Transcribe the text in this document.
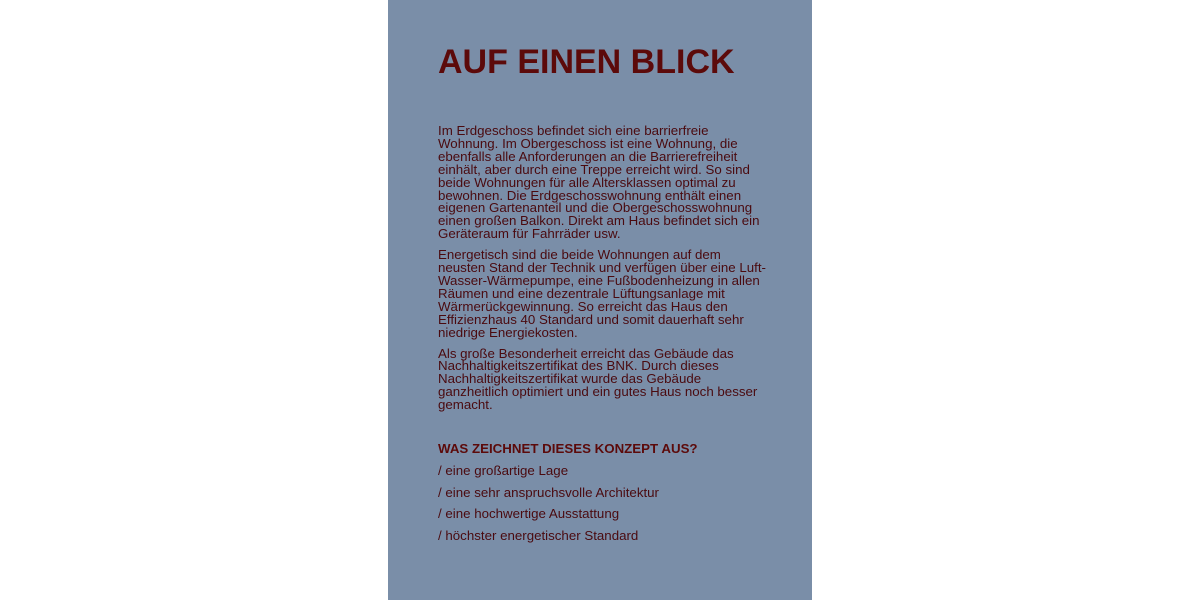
AUF EINEN BLICK

Im Erdgeschoss befindet sich eine barrierfreie Wohnung. Im Obergeschoss ist eine Wohnung, die ebenfalls alle Anforderungen an die Barrierefreiheit einhält, aber durch eine Treppe erreicht wird. So sind beide Wohnungen für alle Altersklassen optimal zu bewohnen. Die Erdgeschosswohnung enthält einen eigenen Gartenanteil und die Obergeschosswohnung einen großen Balkon. Direkt am Haus befindet sich ein Geräteraum für Fahrräder usw.

Energetisch sind die beide Wohnungen auf dem neusten Stand der Technik und verfügen über eine Luft-Wasser-Wärmepumpe, eine Fußbodenheizung in allen Räumen und eine dezentrale Lüftungsanlage mit Wärmerückgewinnung. So erreicht das Haus den Effizienzhaus 40 Standard und somit dauerhaft sehr niedrige Energiekosten.

Als große Besonderheit erreicht das Gebäude das Nachhaltigkeitszertifikat des BNK. Durch dieses Nachhaltigkeitszertifikat wurde das Gebäude ganzheitlich optimiert und ein gutes Haus noch besser gemacht.

WAS ZEICHNET DIESES KONZEPT AUS?
/ eine großartige Lage
/ eine sehr anspruchsvolle Architektur
/ eine hochwertige Ausstattung
/ höchster energetischer Standard
